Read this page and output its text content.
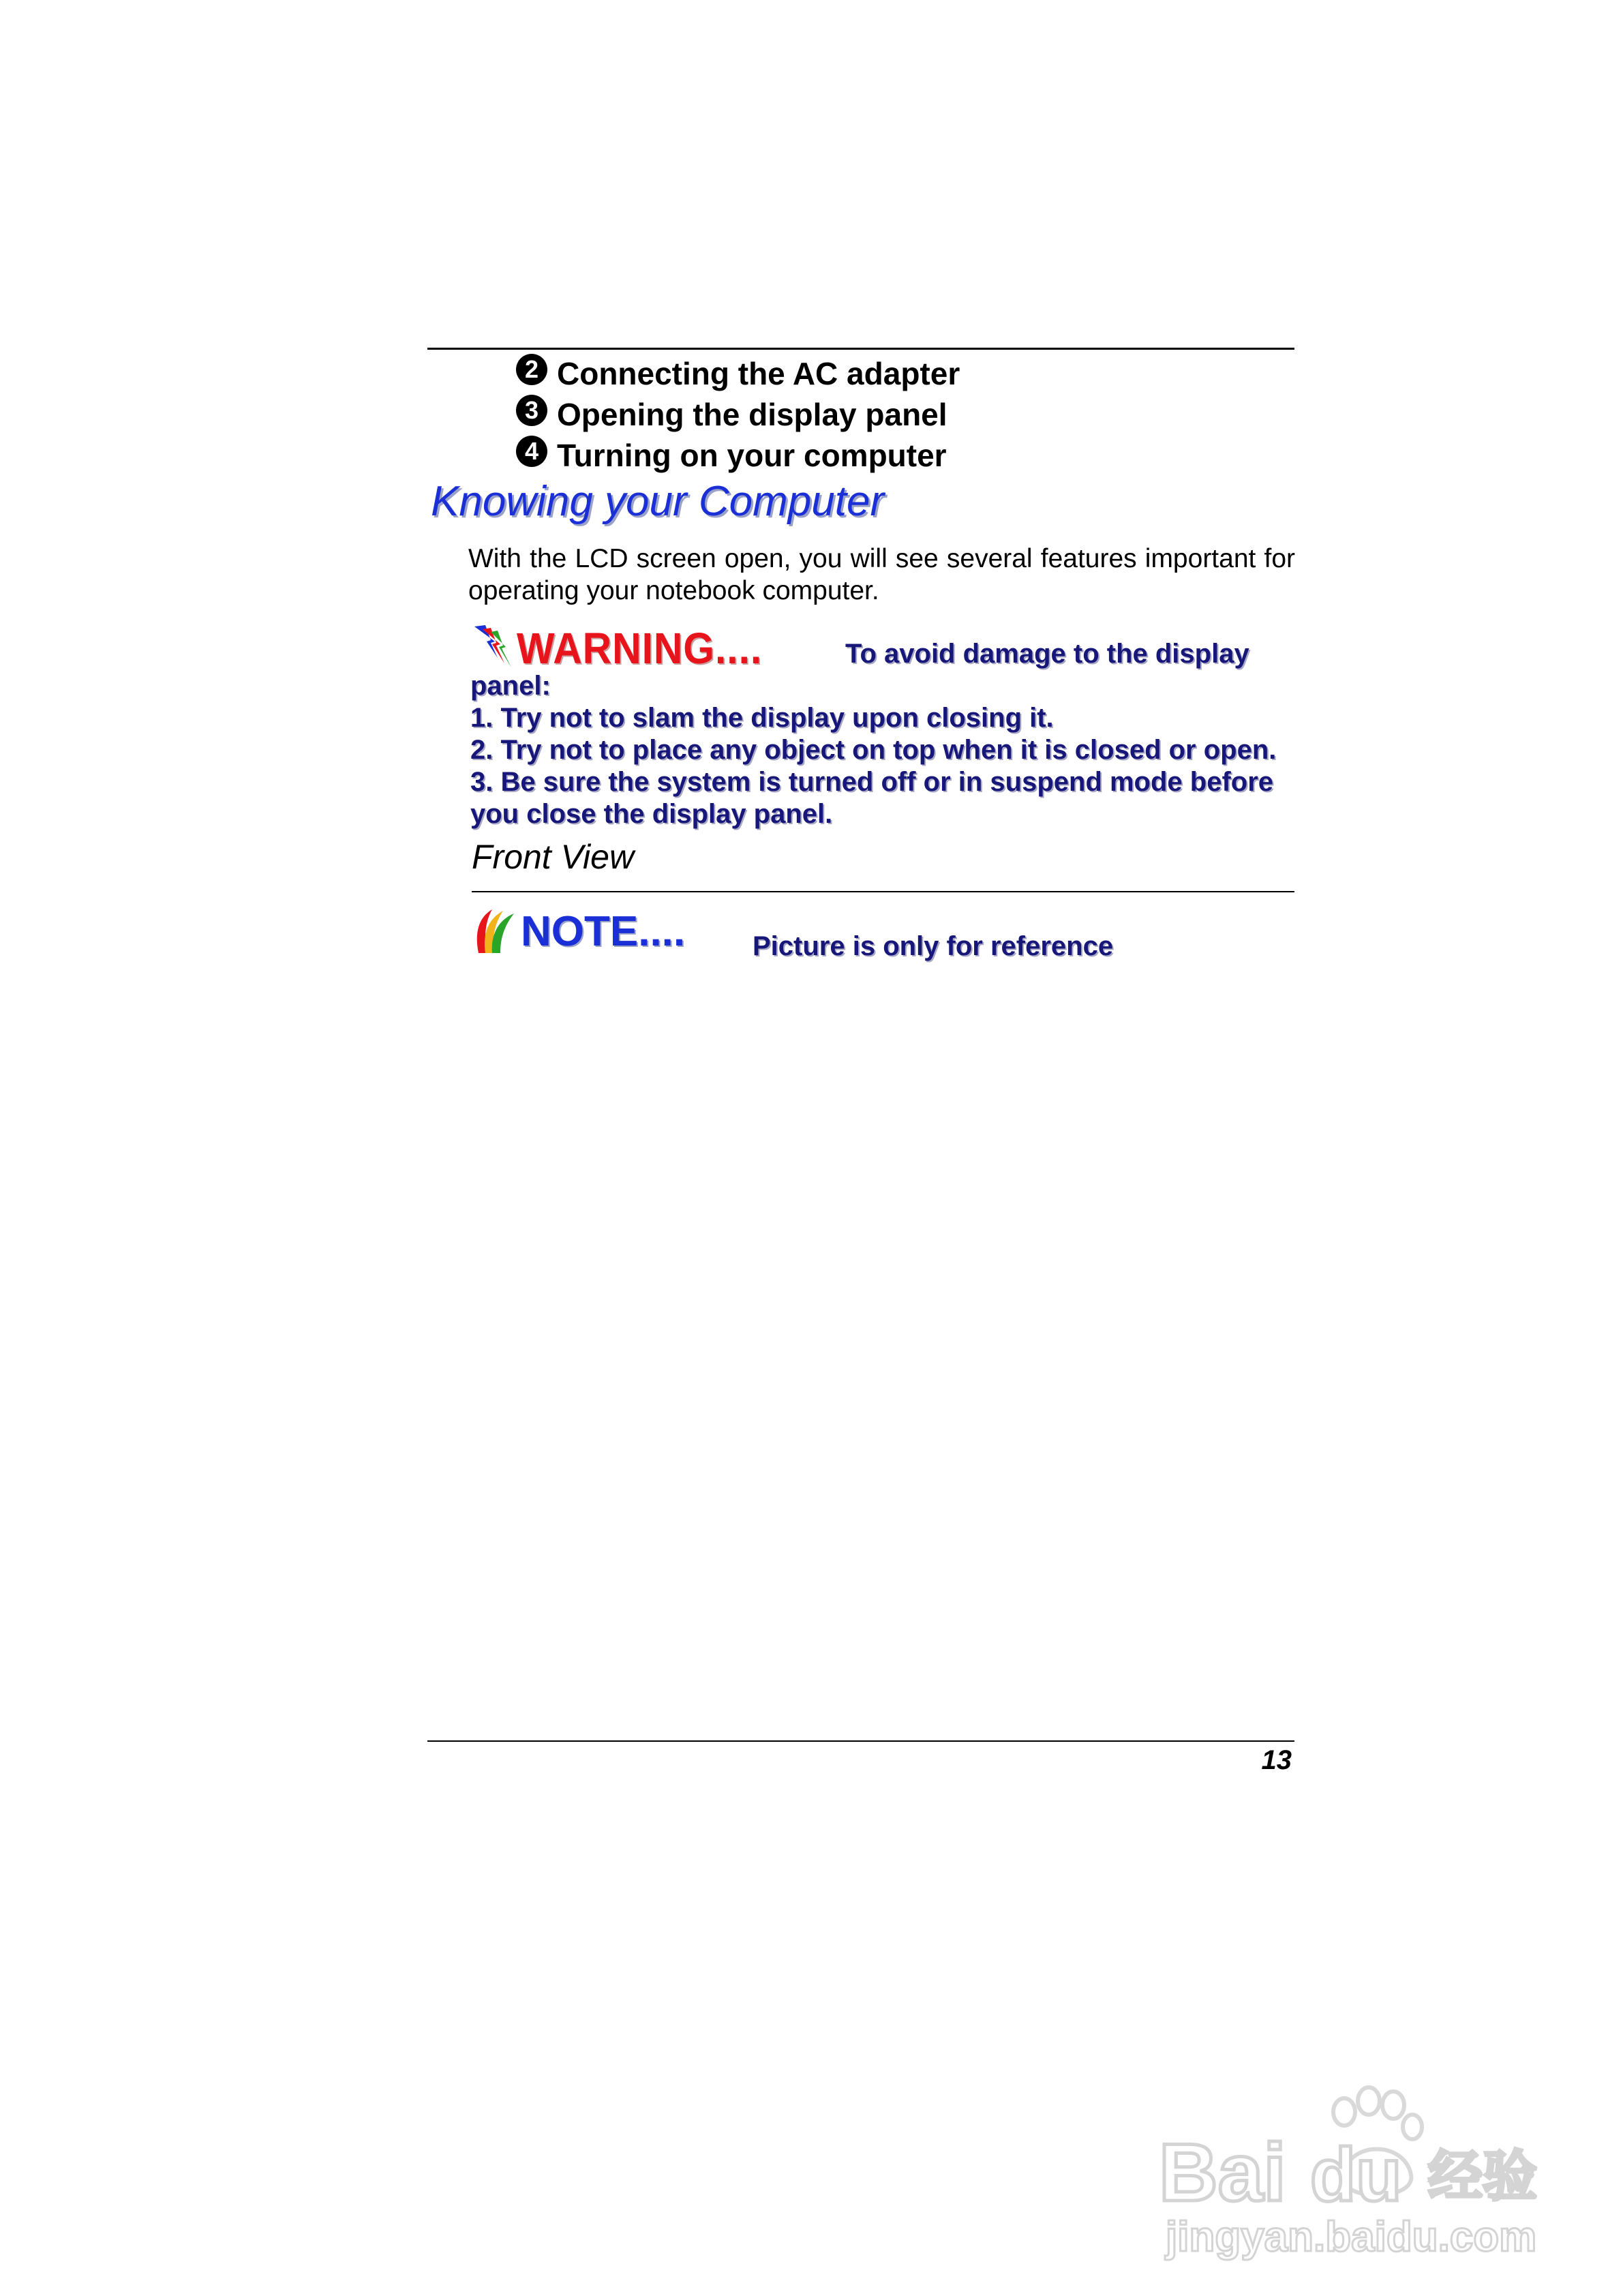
2 Connecting the AC adapter
3 Opening the display panel
4 Turning on your computer
Knowing your Computer

With the LCD screen open, you will see several features important for operating your notebook computer.

WARNING....	To avoid damage to the display
panel:
1. Try not to slam the display upon closing it.
2. Try not to place any object on top when it is closed or open.
3. Be sure the system is turned off or in suspend mode before
you close the display panel.
Front View
NOTE.... Picture is only for reference
13
Bai du 经验
jingyan.baidu.com
